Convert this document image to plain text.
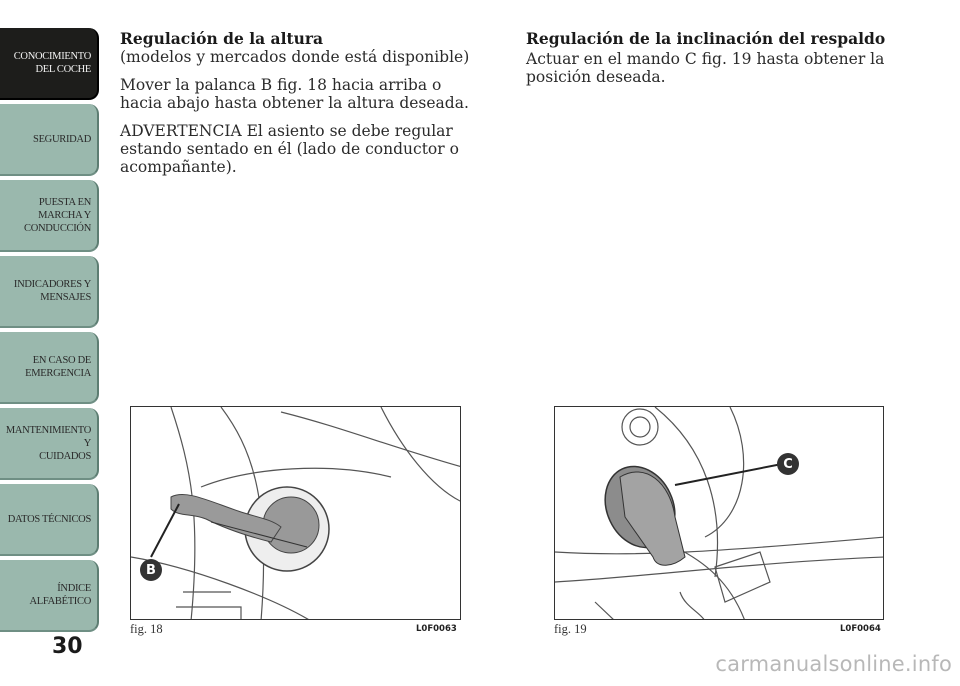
CONOCIMIENTO
DEL COCHE
SEGURIDAD
PUESTA EN
MARCHA Y
CONDUCCIÓN
INDICADORES Y
MENSAJES
EN CASO DE
EMERGENCIA
MANTENIMIENTO Y
CUIDADOS
DATOS TÉCNICOS
ÍNDICE
ALFABÉTICO
30
Regulación de la altura

(modelos y mercados donde está disponible)

Mover la palanca B fig. 18 hacia arriba o hacia abajo hasta obtener la altura deseada.

ADVERTENCIA El asiento se debe regular estando sentado en él (lado de conductor o acompañante).

Regulación de la inclinación del respaldo

Actuar en el mando C fig. 19 hasta obtener la posición deseada.

B
fig. 18	L0F0063
C
fig. 19	L0F0064
carmanualsonline.info
